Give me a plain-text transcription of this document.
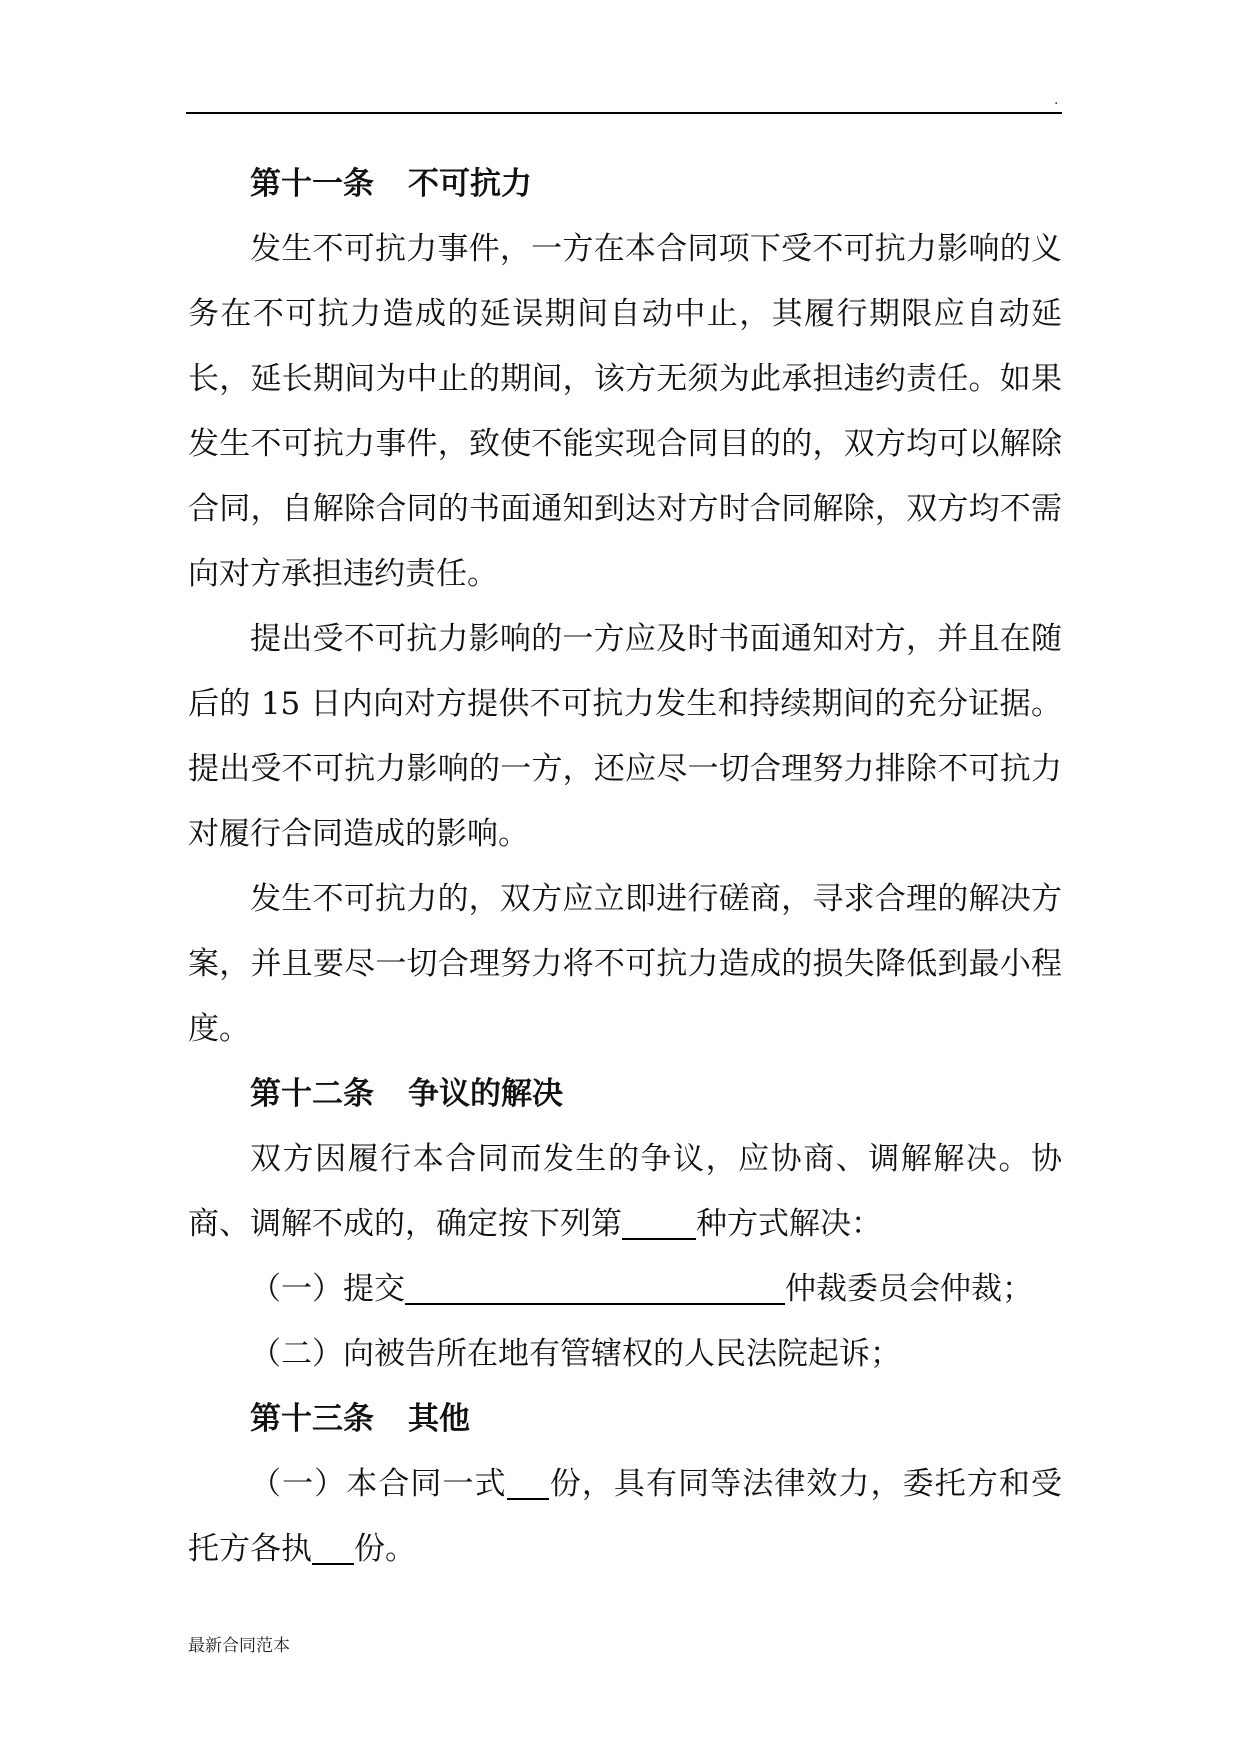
.

第十一条 不可抗力

发生不可抗力事件，一方在本合同项下受不可抗力影响的义务在不可抗力造成的延误期间自动中止，其履行期限应自动延长，延长期间为中止的期间，该方无须为此承担违约责任。如果发生不可抗力事件，致使不能实现合同目的的，双方均可以解除合同，自解除合同的书面通知到达对方时合同解除，双方均不需向对方承担违约责任。

提出受不可抗力影响的一方应及时书面通知对方，并且在随后的 15 日内向对方提供不可抗力发生和持续期间的充分证据。提出受不可抗力影响的一方，还应尽一切合理努力排除不可抗力对履行合同造成的影响。

发生不可抗力的，双方应立即进行磋商，寻求合理的解决方案，并且要尽一切合理努力将不可抗力造成的损失降低到最小程度。

第十二条 争议的解决

双方因履行本合同而发生的争议，应协商、调解解决。协商、调解不成的，确定按下列第 种方式解决：

（一）提交	仲裁委员会仲裁；

（二）向被告所在地有管辖权的人民法院起诉；

第十三条 其他

（一）本合同一式 份，具有同等法律效力，委托方和受托方各执 份。

最新合同范本
